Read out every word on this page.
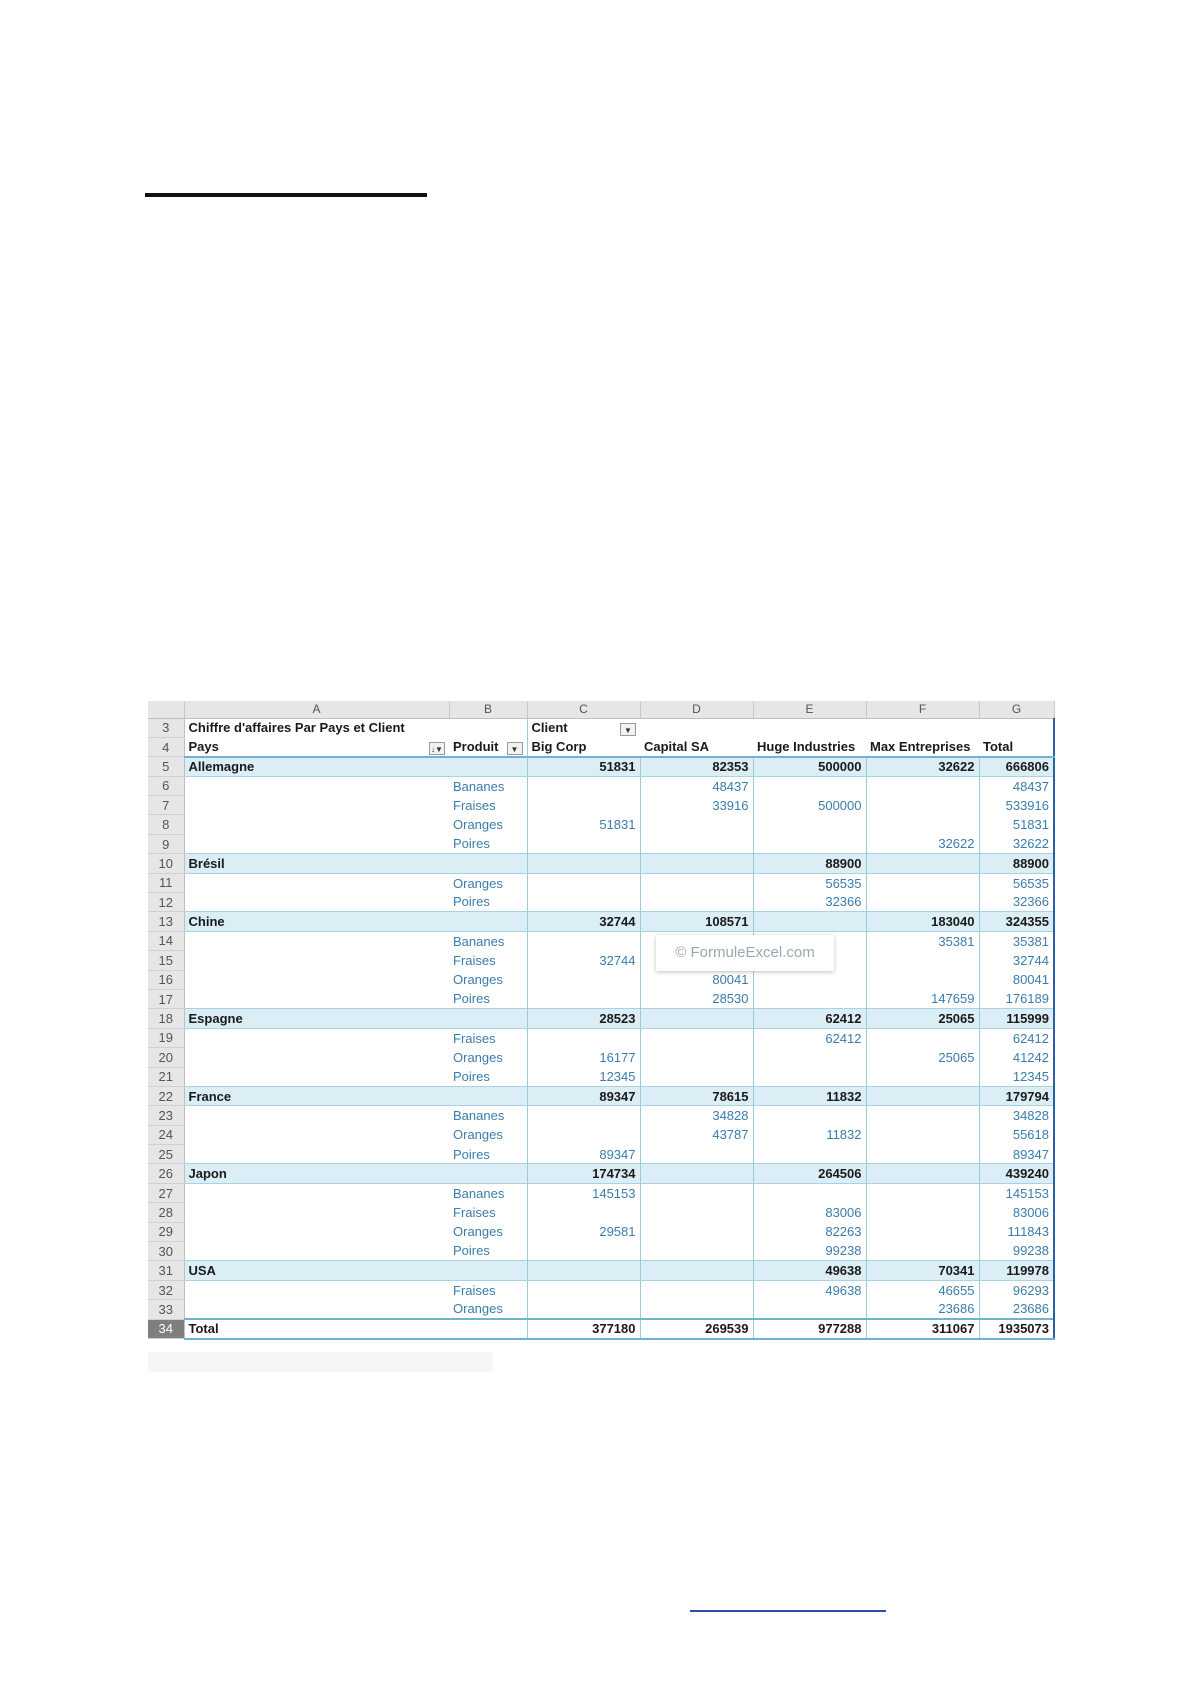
	A	B	C	D	E	F	G
3	Chiffre d'affaires Par Pays et Client		Client ▼				

4	Pays ↓▼	Produit ▼	Big Corp	Capital SA	Huge Industries	Max Entreprises	Total
5	Allemagne		51831	82353	500000	32622	666806
6		Bananes		48437			48437
7		Fraises		33916	500000		533916
8		Oranges	51831				51831
9		Poires				32622	32622
10	Brésil				88900		88900
11		Oranges			56535		56535
12		Poires			32366		32366
13	Chine		32744	108571		183040	324355
14		Bananes				35381	35381
15		Fraises	32744				32744
16		Oranges		80041			80041
17		Poires		28530		147659	176189
18	Espagne		28523		62412	25065	115999
19		Fraises			62412		62412
20		Oranges	16177			25065	41242
21		Poires	12345				12345
22	France		89347	78615	11832		179794
23		Bananes		34828			34828
24		Oranges		43787	11832		55618
25		Poires	89347				89347
26	Japon		174734		264506		439240
27		Bananes	145153				145153
28		Fraises			83006		83006
29		Oranges	29581		82263		111843
30		Poires			99238		99238
31	USA				49638	70341	119978
32		Fraises			49638	46655	96293
33		Oranges				23686	23686
34	Total		377180	269539	977288	311067	1935073
© FormuleExcel.com
